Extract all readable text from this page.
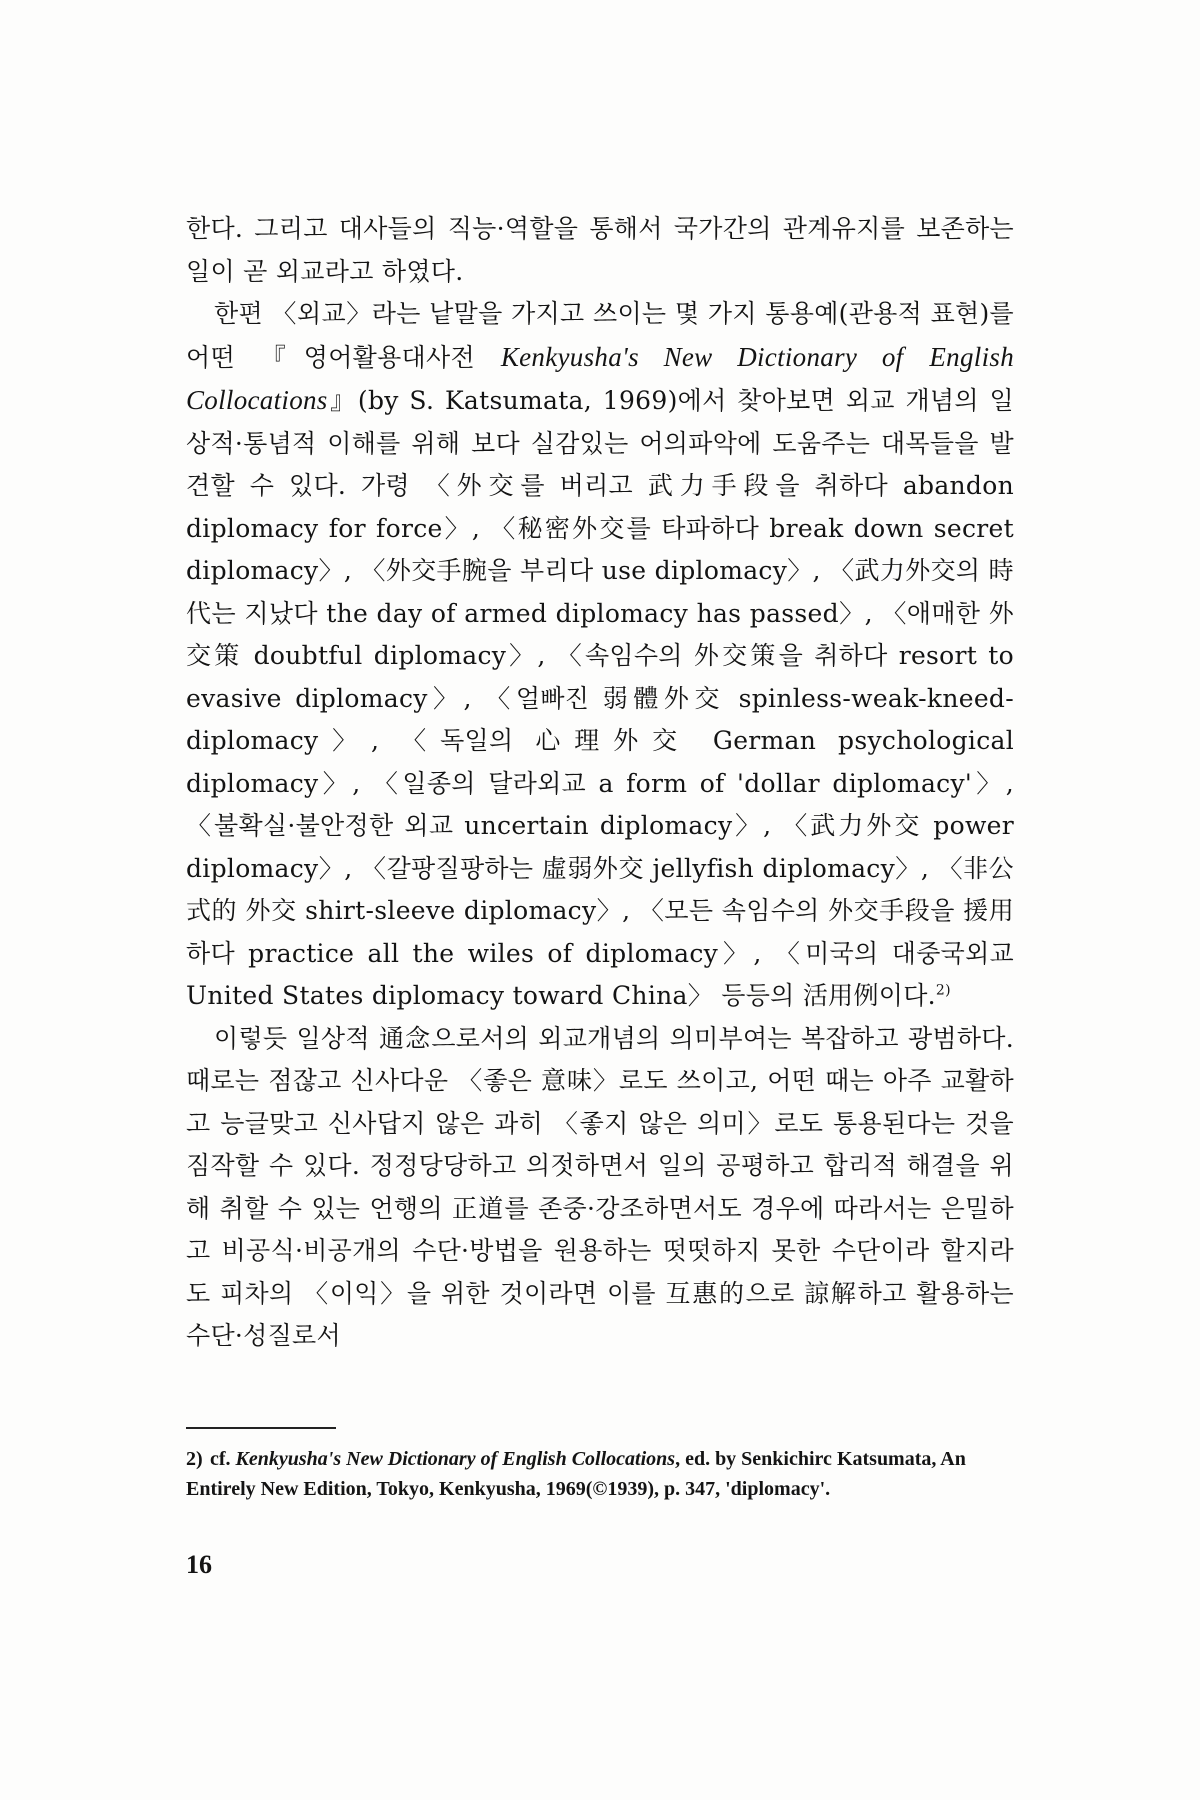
한다. 그리고 대사들의 직능·역할을 통해서 국가간의 관계유지를 보존하는 일이 곧 외교라고 하였다.

한편 〈외교〉라는 낱말을 가지고 쓰이는 몇 가지 통용예(관용적 표현)를 어떤 『영어활용대사전 Kenkyusha's New Dictionary of English Collocations』(by S. Katsumata, 1969)에서 찾아보면 외교 개념의 일상적·통념적 이해를 위해 보다 실감있는 어의파악에 도움주는 대목들을 발견할 수 있다. 가령 〈外交를 버리고 武力手段을 취하다 abandon diplomacy for force〉, 〈秘密外交를 타파하다 break down secret diplomacy〉, 〈外交手腕을 부리다 use diplomacy〉, 〈武力外交의 時代는 지났다 the day of armed diplomacy has passed〉, 〈애매한 外交策 doubtful diplomacy〉, 〈속임수의 外交策을 취하다 resort to evasive diplomacy〉, 〈얼빠진 弱體外交 spinless-weak-kneed-diplomacy〉, 〈독일의 心理外交 German psychological diplomacy〉, 〈일종의 달라외교 a form of 'dollar diplomacy'〉, 〈불확실·불안정한 외교 uncertain diplomacy〉, 〈武力外交 power diplomacy〉, 〈갈팡질팡하는 虛弱外交 jellyfish diplomacy〉, 〈非公式的 外交 shirt-sleeve diplomacy〉, 〈모든 속임수의 外交手段을 援用하다 practice all the wiles of diplomacy〉, 〈미국의 대중국외교 United States diplomacy toward China〉 등등의 活用例이다.$^{2)}$

이렇듯 일상적 通念으로서의 외교개념의 의미부여는 복잡하고 광범하다. 때로는 점잖고 신사다운 〈좋은 意味〉로도 쓰이고, 어떤 때는 아주 교활하고 능글맞고 신사답지 않은 과히 〈좋지 않은 의미〉로도 통용된다는 것을 짐작할 수 있다. 정정당당하고 의젓하면서 일의 공평하고 합리적 해결을 위해 취할 수 있는 언행의 正道를 존중·강조하면서도 경우에 따라서는 은밀하고 비공식·비공개의 수단·방법을 원용하는 떳떳하지 못한 수단이라 할지라도 피차의 〈이익〉을 위한 것이라면 이를 互惠的으로 諒解하고 활용하는 수단·성질로서

2) cf. Kenkyusha's New Dictionary of English Collocations, ed. by Senkichirc Katsumata, An Entirely New Edition, Tokyo, Kenkyusha, 1969(©1939), p. 347, 'diplomacy'.
16
